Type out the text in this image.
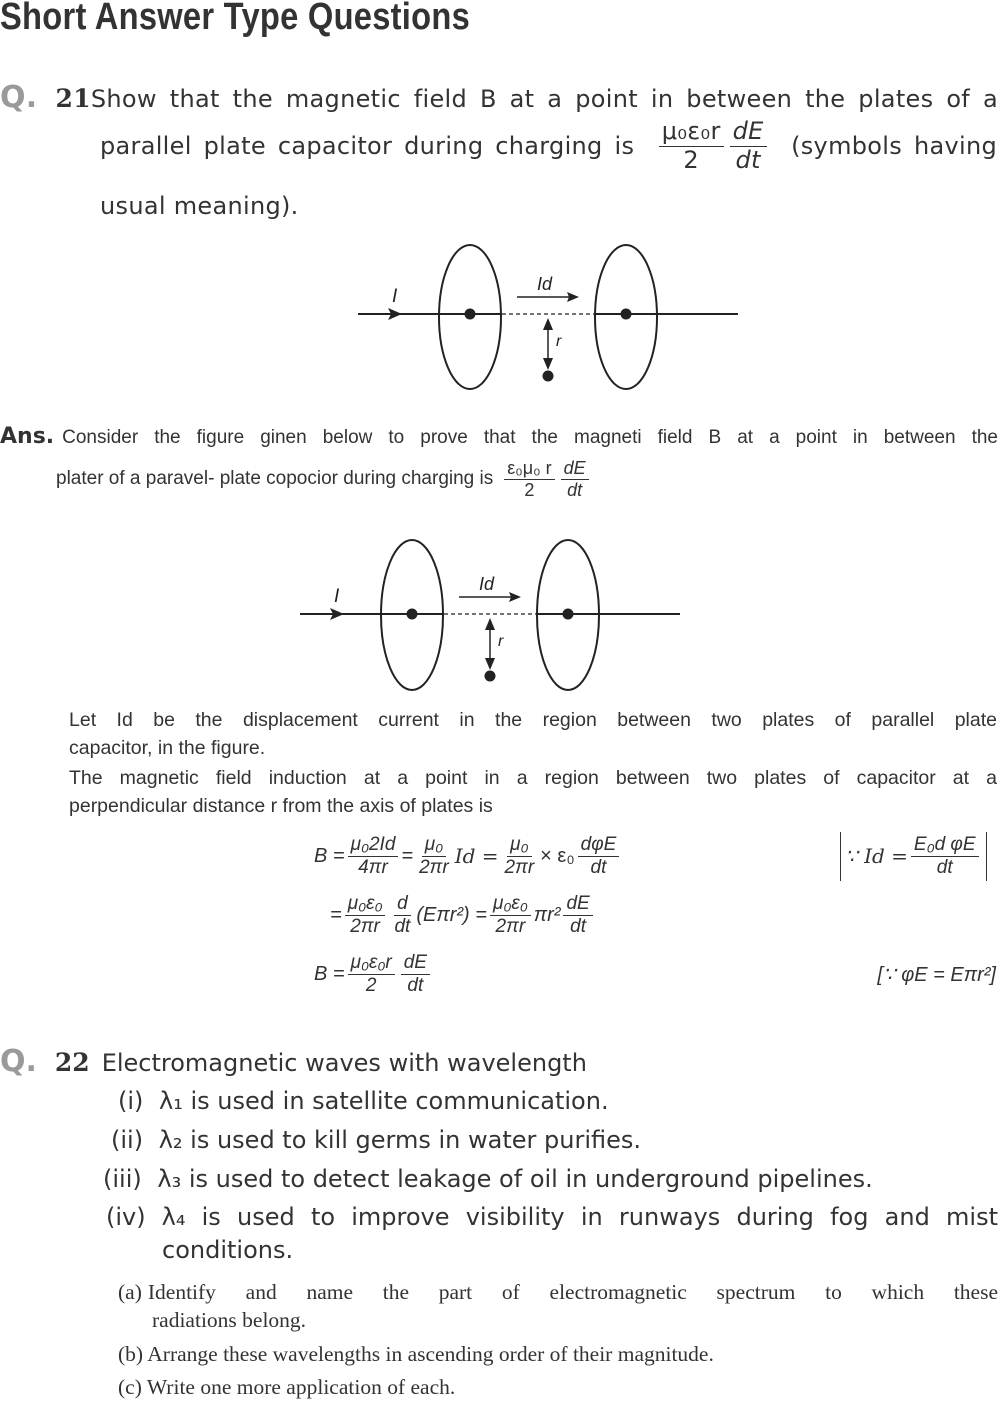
Short Answer Type Questions
Q. 21 Show that the magnetic field B at a point in between the plates of a
parallel plate capacitor during charging is $\frac{\text{μ₀ε₀r}}{2} \frac{dE}{dt}$ (symbols having
usual meaning).
I
Id
r
I
Id
r
Ans. Consider the figure ginen below to prove that the magneti field B at a point in between the
plater of a paravel- plate copocior during charging is $\frac{\text{ε₀μ₀ r}}{2} \frac{dE}{dt}$
Let Id be the displacement current in the region between two plates of parallel plate
capacitor, in the figure.
The magnetic field induction at a point in a region between two plates of capacitor at a
perpendicular distance r from the axis of plates is
$B = \frac{\text{μ₀2Id}}{4\pi r} = \frac{\text{μ₀}}{2\pi r}$ $Id = \frac{\text{μ₀}}{2\pi r} \times \varepsilon_0 \frac{\text{dφE}}{dt}$	∵ $Id = \frac{\text{E₀d φE}}{dt}$
= $\frac{\text{μ₀ε₀}}{2\pi r} \frac{d}{dt} (E\pi r^2) = \frac{\text{μ₀ε₀}}{2\pi r} \pi r^2 \frac{dE}{dt}$
$B = \frac{\text{μ₀ε₀r}}{2} \frac{dE}{dt}$	[∵ φE = Eπr²]
Q. 22 Electromagnetic waves with wavelength
(i) λ₁ is used in satellite communication.
(ii) λ₂ is used to kill germs in water purifies.
(iii) λ₃ is used to detect leakage of oil in underground pipelines.
(iv) λ₄ is used to improve visibility in runways during fog and mist
conditions.
(a) Identify and name the part of electromagnetic spectrum to which these
radiations belong.
(b) Arrange these wavelengths in ascending order of their magnitude.
(c) Write one more application of each.
